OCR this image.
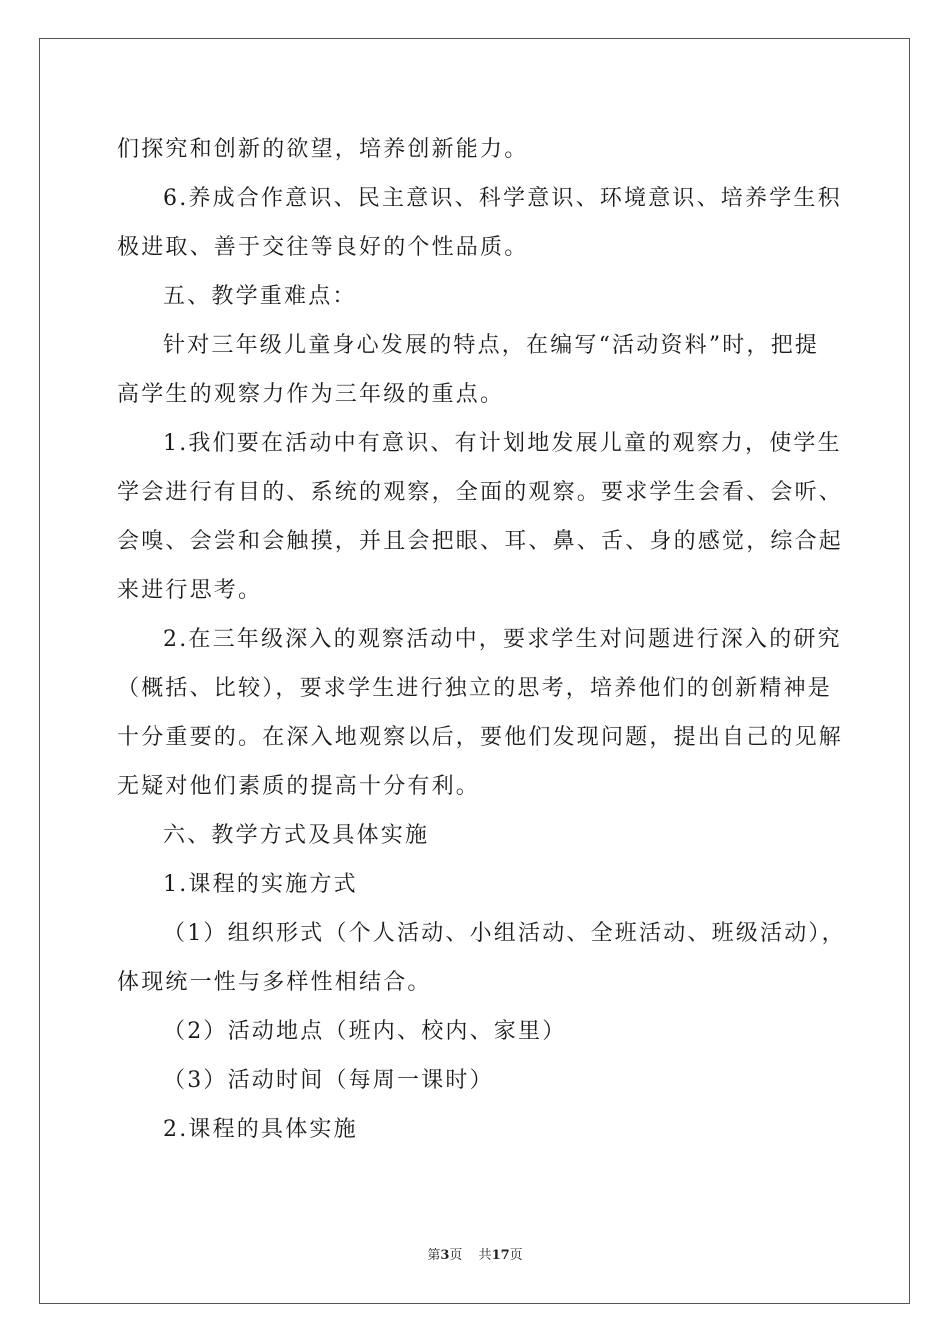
们探究和创新的欲望，培养创新能力。
6.养成合作意识、民主意识、科学意识、环境意识、培养学生积
极进取、善于交往等良好的个性品质。
五、教学重难点：
针对三年级儿童身心发展的特点，在编写“活动资料”时，把提
高学生的观察力作为三年级的重点。
1.我们要在活动中有意识、有计划地发展儿童的观察力，使学生
学会进行有目的、系统的观察，全面的观察。要求学生会看、会听、
会嗅、会尝和会触摸，并且会把眼、耳、鼻、舌、身的感觉，综合起
来进行思考。
2.在三年级深入的观察活动中，要求学生对问题进行深入的研究
（概括、比较），要求学生进行独立的思考，培养他们的创新精神是
十分重要的。在深入地观察以后，要他们发现问题，提出自己的见解
无疑对他们素质的提高十分有利。
六、教学方式及具体实施
1.课程的实施方式
（1）组织形式（个人活动、小组活动、全班活动、班级活动），
体现统一性与多样性相结合。
（2）活动地点（班内、校内、家里）
（3）活动时间（每周一课时）
2.课程的具体实施
第3页 共17页
